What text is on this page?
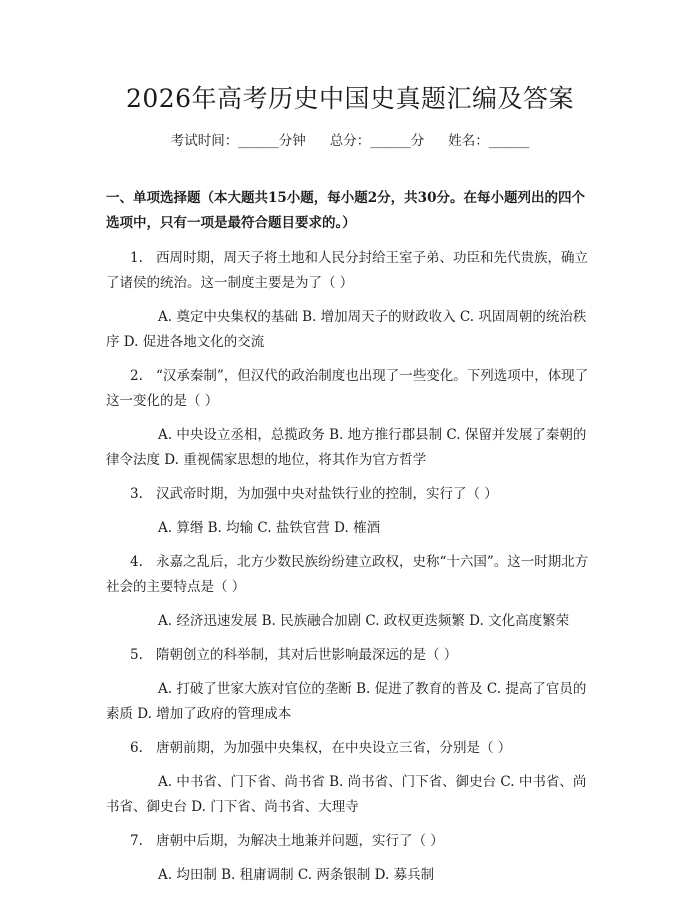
2026年高考历史中国史真题汇编及答案
考试时间：______分钟 总分：______分 姓名：______

一、单项选择题（本大题共15小题，每小题2分，共30分。在每小题列出的四个选项中，只有一项是最符合题目要求的。）

1. 西周时期，周天子将土地和人民分封给王室子弟、功臣和先代贵族，确立了诸侯的统治。这一制度主要是为了（ ）

A. 奠定中央集权的基础 B. 增加周天子的财政收入 C. 巩固周朝的统治秩序 D. 促进各地文化的交流

2. “汉承秦制”，但汉代的政治制度也出现了一些变化。下列选项中，体现了这一变化的是（ ）

A. 中央设立丞相，总揽政务 B. 地方推行郡县制 C. 保留并发展了秦朝的律令法度 D. 重视儒家思想的地位，将其作为官方哲学

3. 汉武帝时期，为加强中央对盐铁行业的控制，实行了（ ）

A. 算缗 B. 均输 C. 盐铁官营 D. 榷酒

4. 永嘉之乱后，北方少数民族纷纷建立政权，史称“十六国”。这一时期北方社会的主要特点是（ ）

A. 经济迅速发展 B. 民族融合加剧 C. 政权更迭频繁 D. 文化高度繁荣

5. 隋朝创立的科举制，其对后世影响最深远的是（ ）

A. 打破了世家大族对官位的垄断 B. 促进了教育的普及 C. 提高了官员的素质 D. 增加了政府的管理成本

6. 唐朝前期，为加强中央集权，在中央设立三省，分别是（ ）

A. 中书省、门下省、尚书省 B. 尚书省、门下省、御史台 C. 中书省、尚书省、御史台 D. 门下省、尚书省、大理寺

7. 唐朝中后期，为解决土地兼并问题，实行了（ ）

A. 均田制 B. 租庸调制 C. 两条银制 D. 募兵制
